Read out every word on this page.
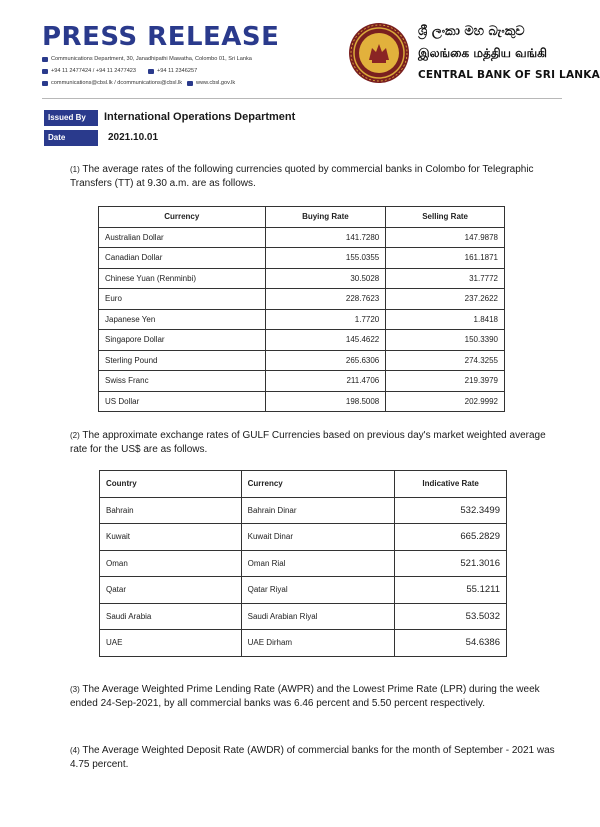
PRESS RELEASE
Communications Department, 30, Janadhipathi Mawatha, Colombo 01, Sri Lanka
+94 11 2477424 / +94 11 2477423	+94 11 2346257
communications@cbsl.lk / dcommunications@cbsl.lk	www.cbsl.gov.lk
ශ්‍රී ලංකා මහ බැංකුව
இலங்கை மத்திய வங்கி
CENTRAL BANK OF SRI LANKA
Issued By	International Operations Department
Date	2021.10.01
(1) The average rates of the following currencies quoted by commercial banks in Colombo for Telegraphic Transfers (TT) at 9.30 a.m. are as follows.
Currency	Buying Rate	Selling Rate
Australian Dollar	141.7280	147.9878
Canadian Dollar	155.0355	161.1871
Chinese Yuan (Renminbi)	30.5028	31.7772
Euro	228.7623	237.2622
Japanese Yen	1.7720	1.8418
Singapore Dollar	145.4622	150.3390
Sterling Pound	265.6306	274.3255
Swiss Franc	211.4706	219.3979
US Dollar	198.5008	202.9992
(2) The approximate exchange rates of GULF Currencies based on previous day's market weighted average rate for the US$ are as follows.
Country	Currency	Indicative Rate
Bahrain	Bahrain Dinar	532.3499
Kuwait	Kuwait Dinar	665.2829
Oman	Oman Rial	521.3016
Qatar	Qatar Riyal	55.1211
Saudi Arabia	Saudi Arabian Riyal	53.5032
UAE	UAE Dirham	54.6386
(3) The Average Weighted Prime Lending Rate (AWPR) and the Lowest Prime Rate (LPR) during the week ended 24-Sep-2021, by all commercial banks was 6.46 percent and 5.50 percent respectively.
(4) The Average Weighted Deposit Rate (AWDR) of commercial banks for the month of September - 2021 was 4.75 percent.
